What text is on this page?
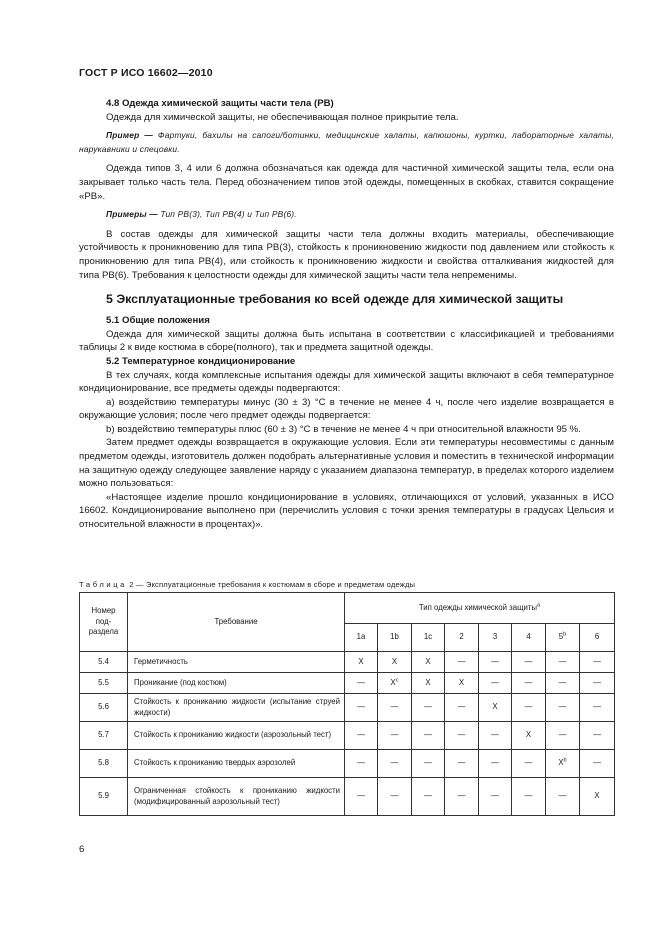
ГОСТ Р ИСО 16602—2010
4.8 Одежда химической защиты части тела (PB)

Одежда для химической защиты, не обеспечивающая полное прикрытие тела.

Пример — Фартуки, бахилы на сапоги/ботинки, медицинские халаты, капюшоны, куртки, лабораторные халаты, нарукавники и спецовки.

Одежда типов 3, 4 или 6 должна обозначаться как одежда для частичной химической защиты тела, если она закрывает только часть тела. Перед обозначением типов этой одежды, помещенных в скобках, ставится сокращение «PB».

Примеры — Тип PB(3), Тип PB(4) и Тип PB(6).

В состав одежды для химической защиты части тела должны входить материалы, обеспечивающие устойчивость к проникновению для типа PB(3), стойкость к проникновению жидкости под давлением или стойкость к проникновению для типа PB(4), или стойкость к проникновению жидкости и свойства отталкивания жидкостей для типа PB(6). Требования к целостности одежды для химической защиты части тела непременимы.

5 Эксплуатационные требования ко всей одежде для химической защиты
5.1 Общие положения

Одежда для химической защиты должна быть испытана в соответствии с классификацией и требованиями таблицы 2 к виде костюма в сборе(полного), так и предмета защитной одежды.

5.2 Температурное кондиционирование

В тех случаях, когда комплексные испытания одежды для химической защиты включают в себя температурное кондиционирование, все предметы одежды подвергаются:

a) воздействию температуры минус (30 ± 3) °С в течение не менее 4 ч, после чего изделие возвращается в окружающие условия; после чего предмет одежды подвергается:

b) воздействию температуры плюс (60 ± 3) °С в течение не менее 4 ч при относительной влажности 95 %.

Затем предмет одежды возвращается в окружающие условия. Если эти температуры несовместимы с данным предметом одежды, изготовитель должен подобрать альтернативные условия и поместить в технической информации на защитную одежду следующее заявление наряду с указанием диапазона температур, в пределах которого изделием можно пользоваться:

«Настоящее изделие прошло кондиционирование в условиях, отличающихся от условий, указанных в ИСО 16602. Кондиционирование выполнено при (перечислить условия с точки зрения температуры в градусах Цельсия и относительной влажности в процентах)».

Таблица 2 — Эксплуатационные требования к костюмам в сборе и предметам одежды
Номер под-раздела	Требование	Тип одежды химической защиты$^a$
		1a	1b	1c	2	3	4	5$^b$	6
5.4	Герметичность	X	X	X	—	—	—	—	—
5.5	Проникание (под костюм)	—	$X^c$	X	X	—	—	—	—
5.6	Стойкость к прониканию жидкости (испытание струей жидкости)	—	—	—	—	X	—	—	—
5.7	Стойкость к прониканию жидкости (аэрозольный тест)	—	—	—	—	—	X	—	—
5.8	Стойкость к прониканию твердых аэрозолей	—	—	—	—	—	—	$X^b$	—
5.9	Ограниченная стойкость к прониканию жидкости (модифицированный аэрозольный тест)	—	—	—	—	—	—	—	X
6
